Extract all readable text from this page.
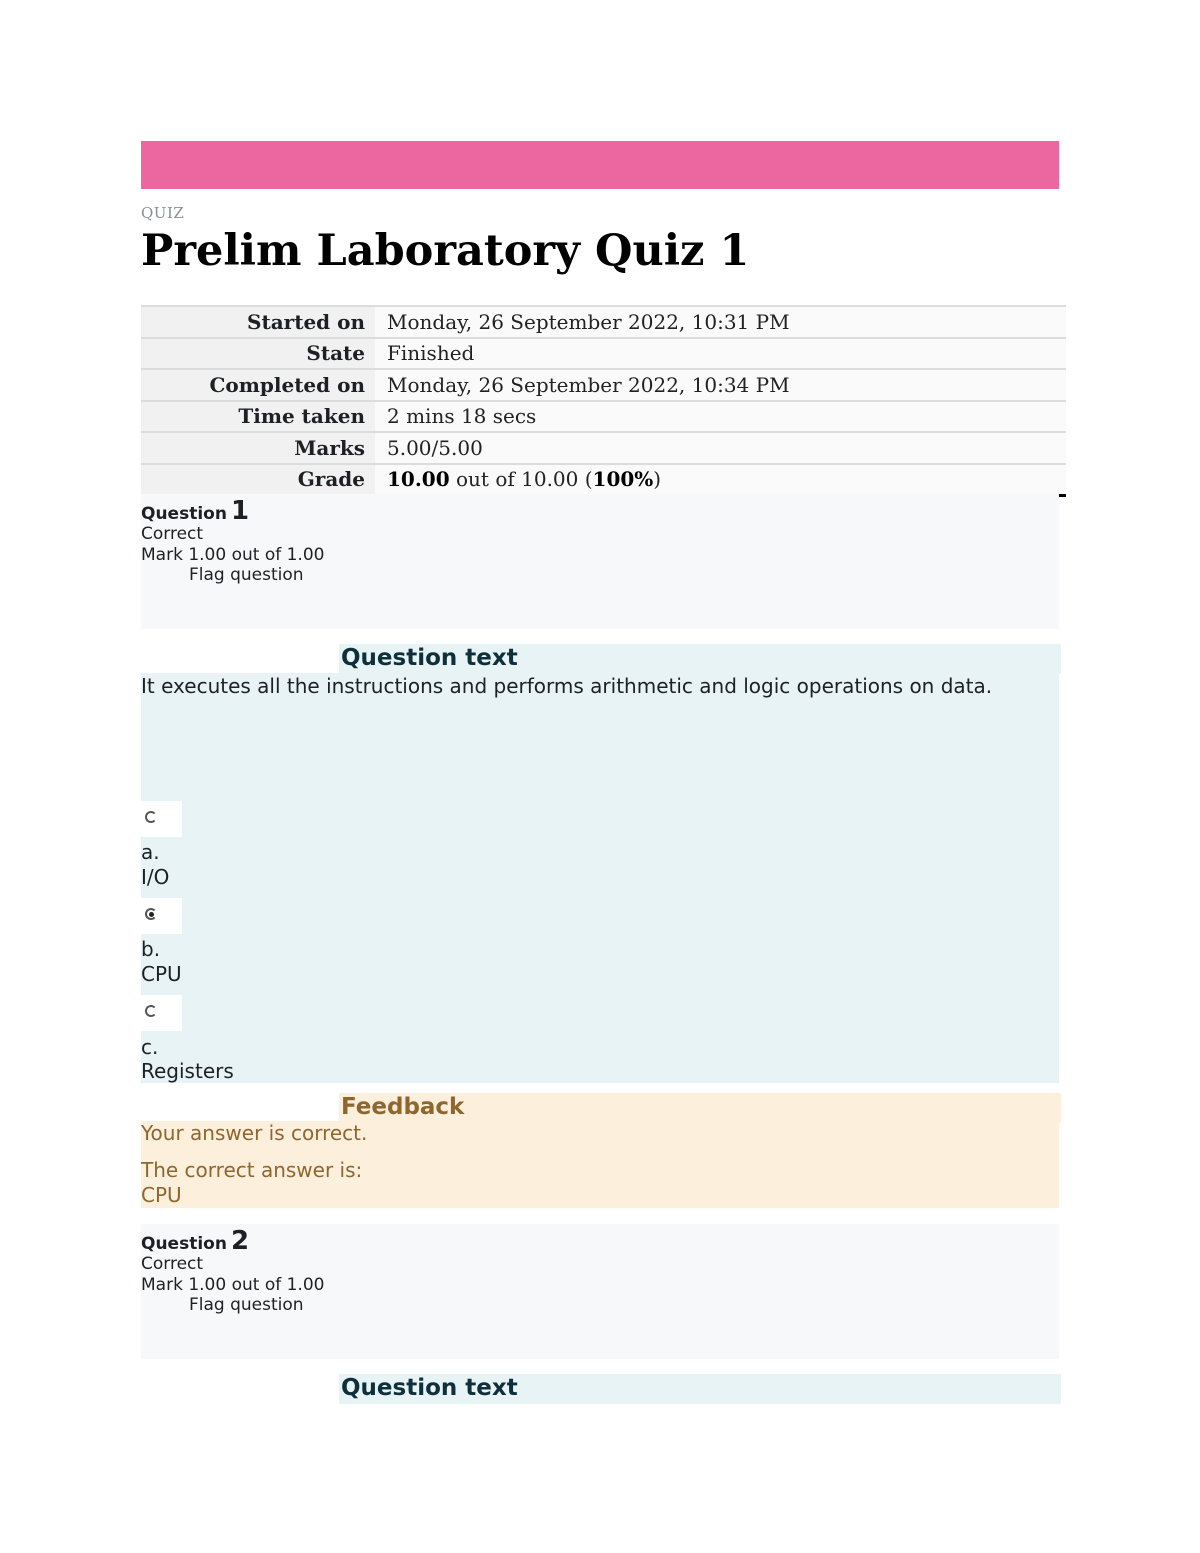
QUIZ
Prelim Laboratory Quiz 1
Started on	Monday, 26 September 2022, 10:31 PM
State	Finished
Completed on	Monday, 26 September 2022, 10:34 PM
Time taken	2 mins 18 secs
Marks	5.00/5.00
Grade	10.00 out of 10.00 (100%)
Question 1
Correct
Mark 1.00 out of 1.00
Flag question
Question text
It executes all the instructions and performs arithmetic and logic operations on data.
a.
I/O
b.
CPU
c.
Registers
Feedback
Your answer is correct.
The correct answer is:
CPU
Question 2
Correct
Mark 1.00 out of 1.00
Flag question
Question text
